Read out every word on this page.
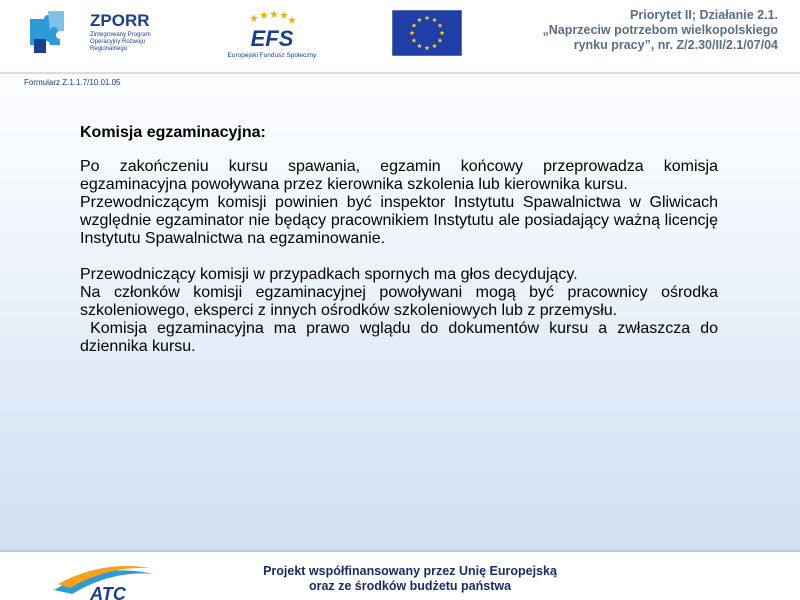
ZPORR
Zintegrowany Program Operacyjny Rozwoju Regionalnego	EFS
Europejski Fundusz Społeczny
Priorytet II; Działanie 2.1.
„Naprzeciw potrzebom wielkopolskiego
rynku pracy”, nr. Z/2.30/II/2.1/07/04
Formularz Z.1.1.7/10.01.05
Komisja egzaminacyjna:

Po zakończeniu kursu spawania, egzamin końcowy przeprowadza komisja egzaminacyjna powoływana przez kierownika szkolenia lub kierownika kursu.

Przewodniczącym komisji powinien być inspektor Instytutu Spawalnictwa w Gliwicach względnie egzaminator nie będący pracownikiem Instytutu ale posiadający ważną licencję Instytutu Spawalnictwa na egzaminowanie.

Przewodniczący komisji w przypadkach spornych ma głos decydujący.

Na członków komisji egzaminacyjnej powoływani mogą być pracownicy ośrodka szkoleniowego, eksperci z innych ośrodków szkoleniowych lub z przemysłu.

Komisja egzaminacyjna ma prawo wglądu do dokumentów kursu a zwłaszcza do dziennika kursu.

ATC
Projekt współfinansowany przez Unię Europejską
oraz ze środków budżetu państwa
